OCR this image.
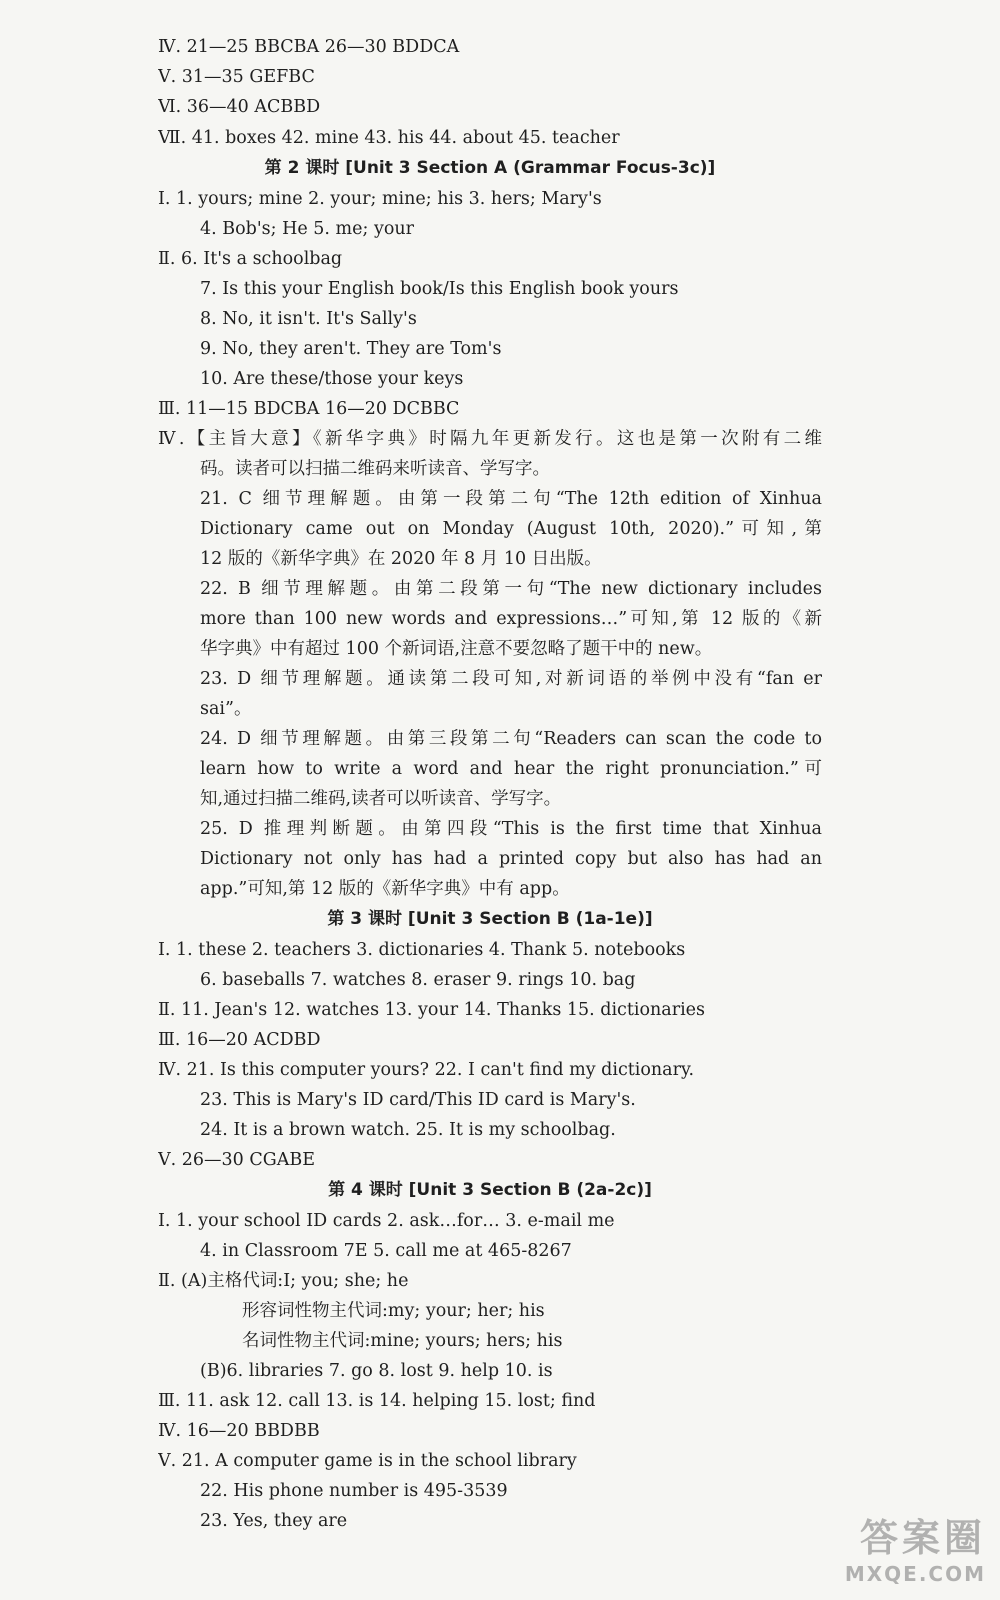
Ⅳ. 21—25 BBCBA 26—30 BDDCA
Ⅴ. 31—35 GEFBC
Ⅵ. 36—40 ACBBD
Ⅶ. 41. boxes 42. mine 43. his 44. about 45. teacher
第 2 课时 [Unit 3 Section A (Grammar Focus-3c)]
Ⅰ. 1. yours; mine 2. your; mine; his 3. hers; Mary's
4. Bob's; He 5. me; your
Ⅱ. 6. It's a schoolbag
7. Is this your English book/Is this English book yours
8. No, it isn't. It's Sally's
9. No, they aren't. They are Tom's
10. Are these/those your keys
Ⅲ. 11—15 BDCBA 16—20 DCBBC
Ⅳ.【主旨大意】《新华字典》时隔九年更新发行。这也是第一次附有二维
码。读者可以扫描二维码来听读音、学写字。
21. C 细节理解题。由第一段第二句“The 12th edition of Xinhua
Dictionary came out on Monday (August 10th, 2020).”可知,第
12 版的《新华字典》在 2020 年 8 月 10 日出版。
22. B 细节理解题。由第二段第一句“The new dictionary includes
more than 100 new words and expressions…”可知,第 12 版的《新
华字典》中有超过 100 个新词语,注意不要忽略了题干中的 new。
23. D 细节理解题。通读第二段可知,对新词语的举例中没有“fan er
sai”。
24. D 细节理解题。由第三段第二句“Readers can scan the code to
learn how to write a word and hear the right pronunciation.”可
知,通过扫描二维码,读者可以听读音、学写字。
25. D 推理判断题。由第四段“This is the first time that Xinhua
Dictionary not only has had a printed copy but also has had an
app.”可知,第 12 版的《新华字典》中有 app。
第 3 课时 [Unit 3 Section B (1a-1e)]
Ⅰ. 1. these 2. teachers 3. dictionaries 4. Thank 5. notebooks
6. baseballs 7. watches 8. eraser 9. rings 10. bag
Ⅱ. 11. Jean's 12. watches 13. your 14. Thanks 15. dictionaries
Ⅲ. 16—20 ACDBD
Ⅳ. 21. Is this computer yours? 22. I can't find my dictionary.
23. This is Mary's ID card/This ID card is Mary's.
24. It is a brown watch. 25. It is my schoolbag.
Ⅴ. 26—30 CGABE
第 4 课时 [Unit 3 Section B (2a-2c)]
Ⅰ. 1. your school ID cards 2. ask…for… 3. e-mail me
4. in Classroom 7E 5. call me at 465-8267
Ⅱ. (A)主格代词:I; you; she; he
形容词性物主代词:my; your; her; his
名词性物主代词:mine; yours; hers; his
(B)6. libraries 7. go 8. lost 9. help 10. is
Ⅲ. 11. ask 12. call 13. is 14. helping 15. lost; find
Ⅳ. 16—20 BBDBB
Ⅴ. 21. A computer game is in the school library
22. His phone number is 495-3539
23. Yes, they are	答案圈
MXQE.COM
